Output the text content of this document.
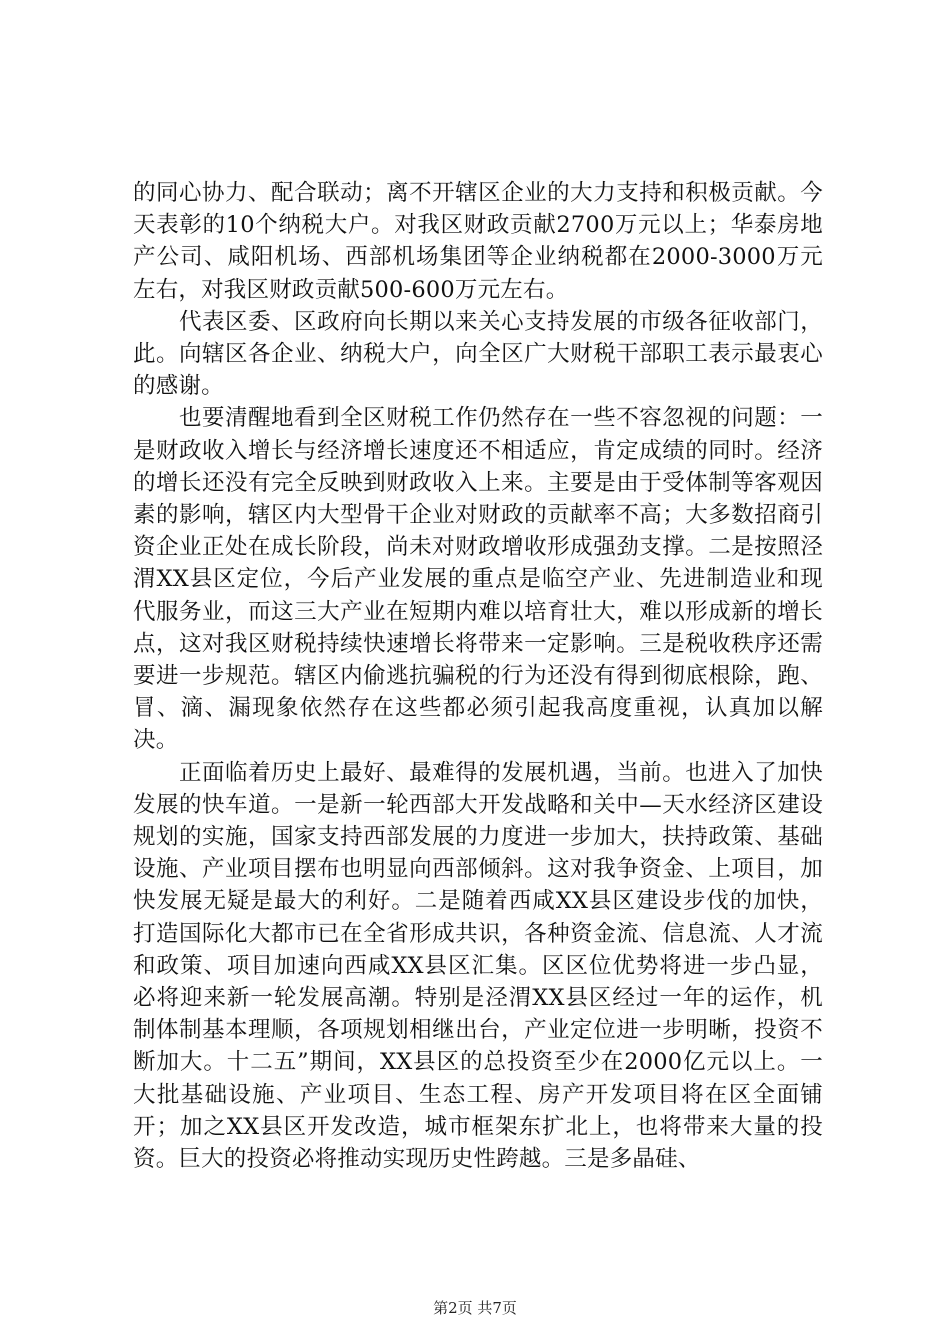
的同心协力、配合联动；离不开辖区企业的大力支持和积极贡献。今天表彰的10个纳税大户。对我区财政贡献2700万元以上；华泰房地产公司、咸阳机场、西部机场集团等企业纳税都在2000-3000万元左右，对我区财政贡献500-600万元左右。

代表区委、区政府向长期以来关心支持发展的市级各征收部门，此。向辖区各企业、纳税大户，向全区广大财税干部职工表示最衷心的感谢。

也要清醒地看到全区财税工作仍然存在一些不容忽视的问题：一是财政收入增长与经济增长速度还不相适应，肯定成绩的同时。经济的增长还没有完全反映到财政收入上来。主要是由于受体制等客观因素的影响，辖区内大型骨干企业对财政的贡献率不高；大多数招商引资企业正处在成长阶段，尚未对财政增收形成强劲支撑。二是按照泾渭XX县区定位，今后产业发展的重点是临空产业、先进制造业和现代服务业，而这三大产业在短期内难以培育壮大，难以形成新的增长点，这对我区财税持续快速增长将带来一定影响。三是税收秩序还需要进一步规范。辖区内偷逃抗骗税的行为还没有得到彻底根除，跑、冒、滴、漏现象依然存在这些都必须引起我高度重视，认真加以解决。

正面临着历史上最好、最难得的发展机遇，当前。也进入了加快发展的快车道。一是新一轮西部大开发战略和关中—天水经济区建设规划的实施，国家支持西部发展的力度进一步加大，扶持政策、基础设施、产业项目摆布也明显向西部倾斜。这对我争资金、上项目，加快发展无疑是最大的利好。二是随着西咸XX县区建设步伐的加快，打造国际化大都市已在全省形成共识，各种资金流、信息流、人才流和政策、项目加速向西咸XX县区汇集。区区位优势将进一步凸显，必将迎来新一轮发展高潮。特别是泾渭XX县区经过一年的运作，机制体制基本理顺，各项规划相继出台，产业定位进一步明晰，投资不断加大。十二五”期间，XX县区的总投资至少在2000亿元以上。一大批基础设施、产业项目、生态工程、房产开发项目将在区全面铺开；加之XX县区开发改造，城市框架东扩北上，也将带来大量的投资。巨大的投资必将推动实现历史性跨越。三是多晶硅、

第2页 共7页
